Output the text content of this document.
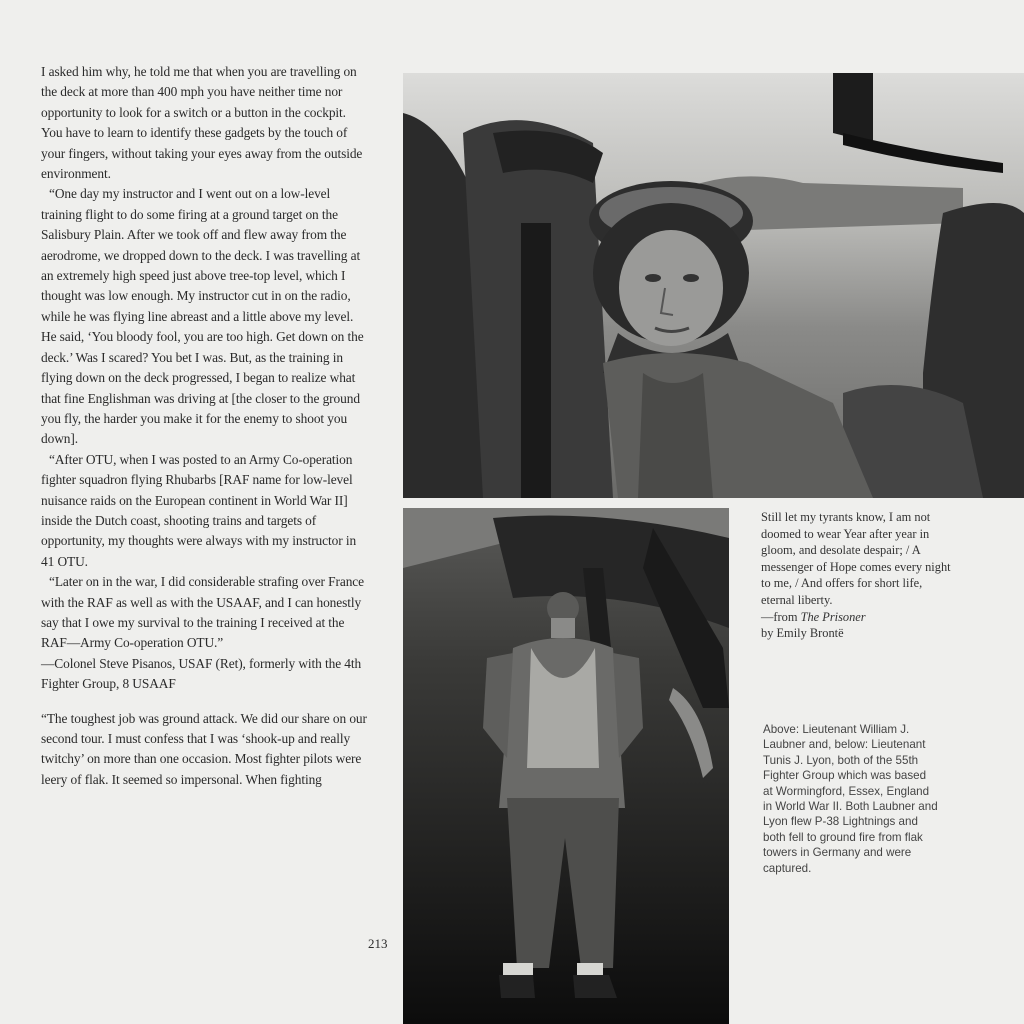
I asked him why, he told me that when you are travelling on the deck at more than 400 mph you have neither time nor opportunity to look for a switch or a button in the cockpit. You have to learn to identify these gadgets by the touch of your fingers, without taking your eyes away from the outside environment.

“One day my instructor and I went out on a low-level training flight to do some firing at a ground target on the Salisbury Plain. After we took off and flew away from the aerodrome, we dropped down to the deck. I was travelling at an extremely high speed just above tree-top level, which I thought was low enough. My instructor cut in on the radio, while he was flying line abreast and a little above my level. He said, ‘You bloody fool, you are too high. Get down on the deck.’ Was I scared? You bet I was. But, as the training in flying down on the deck progressed, I began to realize what that fine Englishman was driving at [the closer to the ground you fly, the harder you make it for the enemy to shoot you down].

“After OTU, when I was posted to an Army Co-operation fighter squadron flying Rhubarbs [RAF name for low-level nuisance raids on the European continent in World War II] inside the Dutch coast, shooting trains and targets of opportunity, my thoughts were always with my instructor in 41 OTU.

“Later on in the war, I did considerable strafing over France with the RAF as well as with the USAAF, and I can honestly say that I owe my survival to the training I received at the RAF—Army Co-operation OTU.”

—Colonel Steve Pisanos, USAF (Ret), formerly with the 4th Fighter Group, 8 USAAF

“The toughest job was ground attack. We did our share on our second tour. I must confess that I was ‘shook-up and really twitchy’ on more than one occasion. Most fighter pilots were leery of flak. It seemed so impersonal. When fighting

213

Still let my tyrants know, I am not doomed to wear Year after year in gloom, and desolate despair; / A messenger of Hope comes every night to me, / And offers for short life, eternal liberty.

—from The Prisoner

by Emily Brontë

Above: Lieutenant William J. Laubner and, below: Lieutenant Tunis J. Lyon, both of the 55th Fighter Group which was based at Wormingford, Essex, England in World War II. Both Laubner and Lyon flew P-38 Lightnings and both fell to ground fire from flak towers in Germany and were captured.
